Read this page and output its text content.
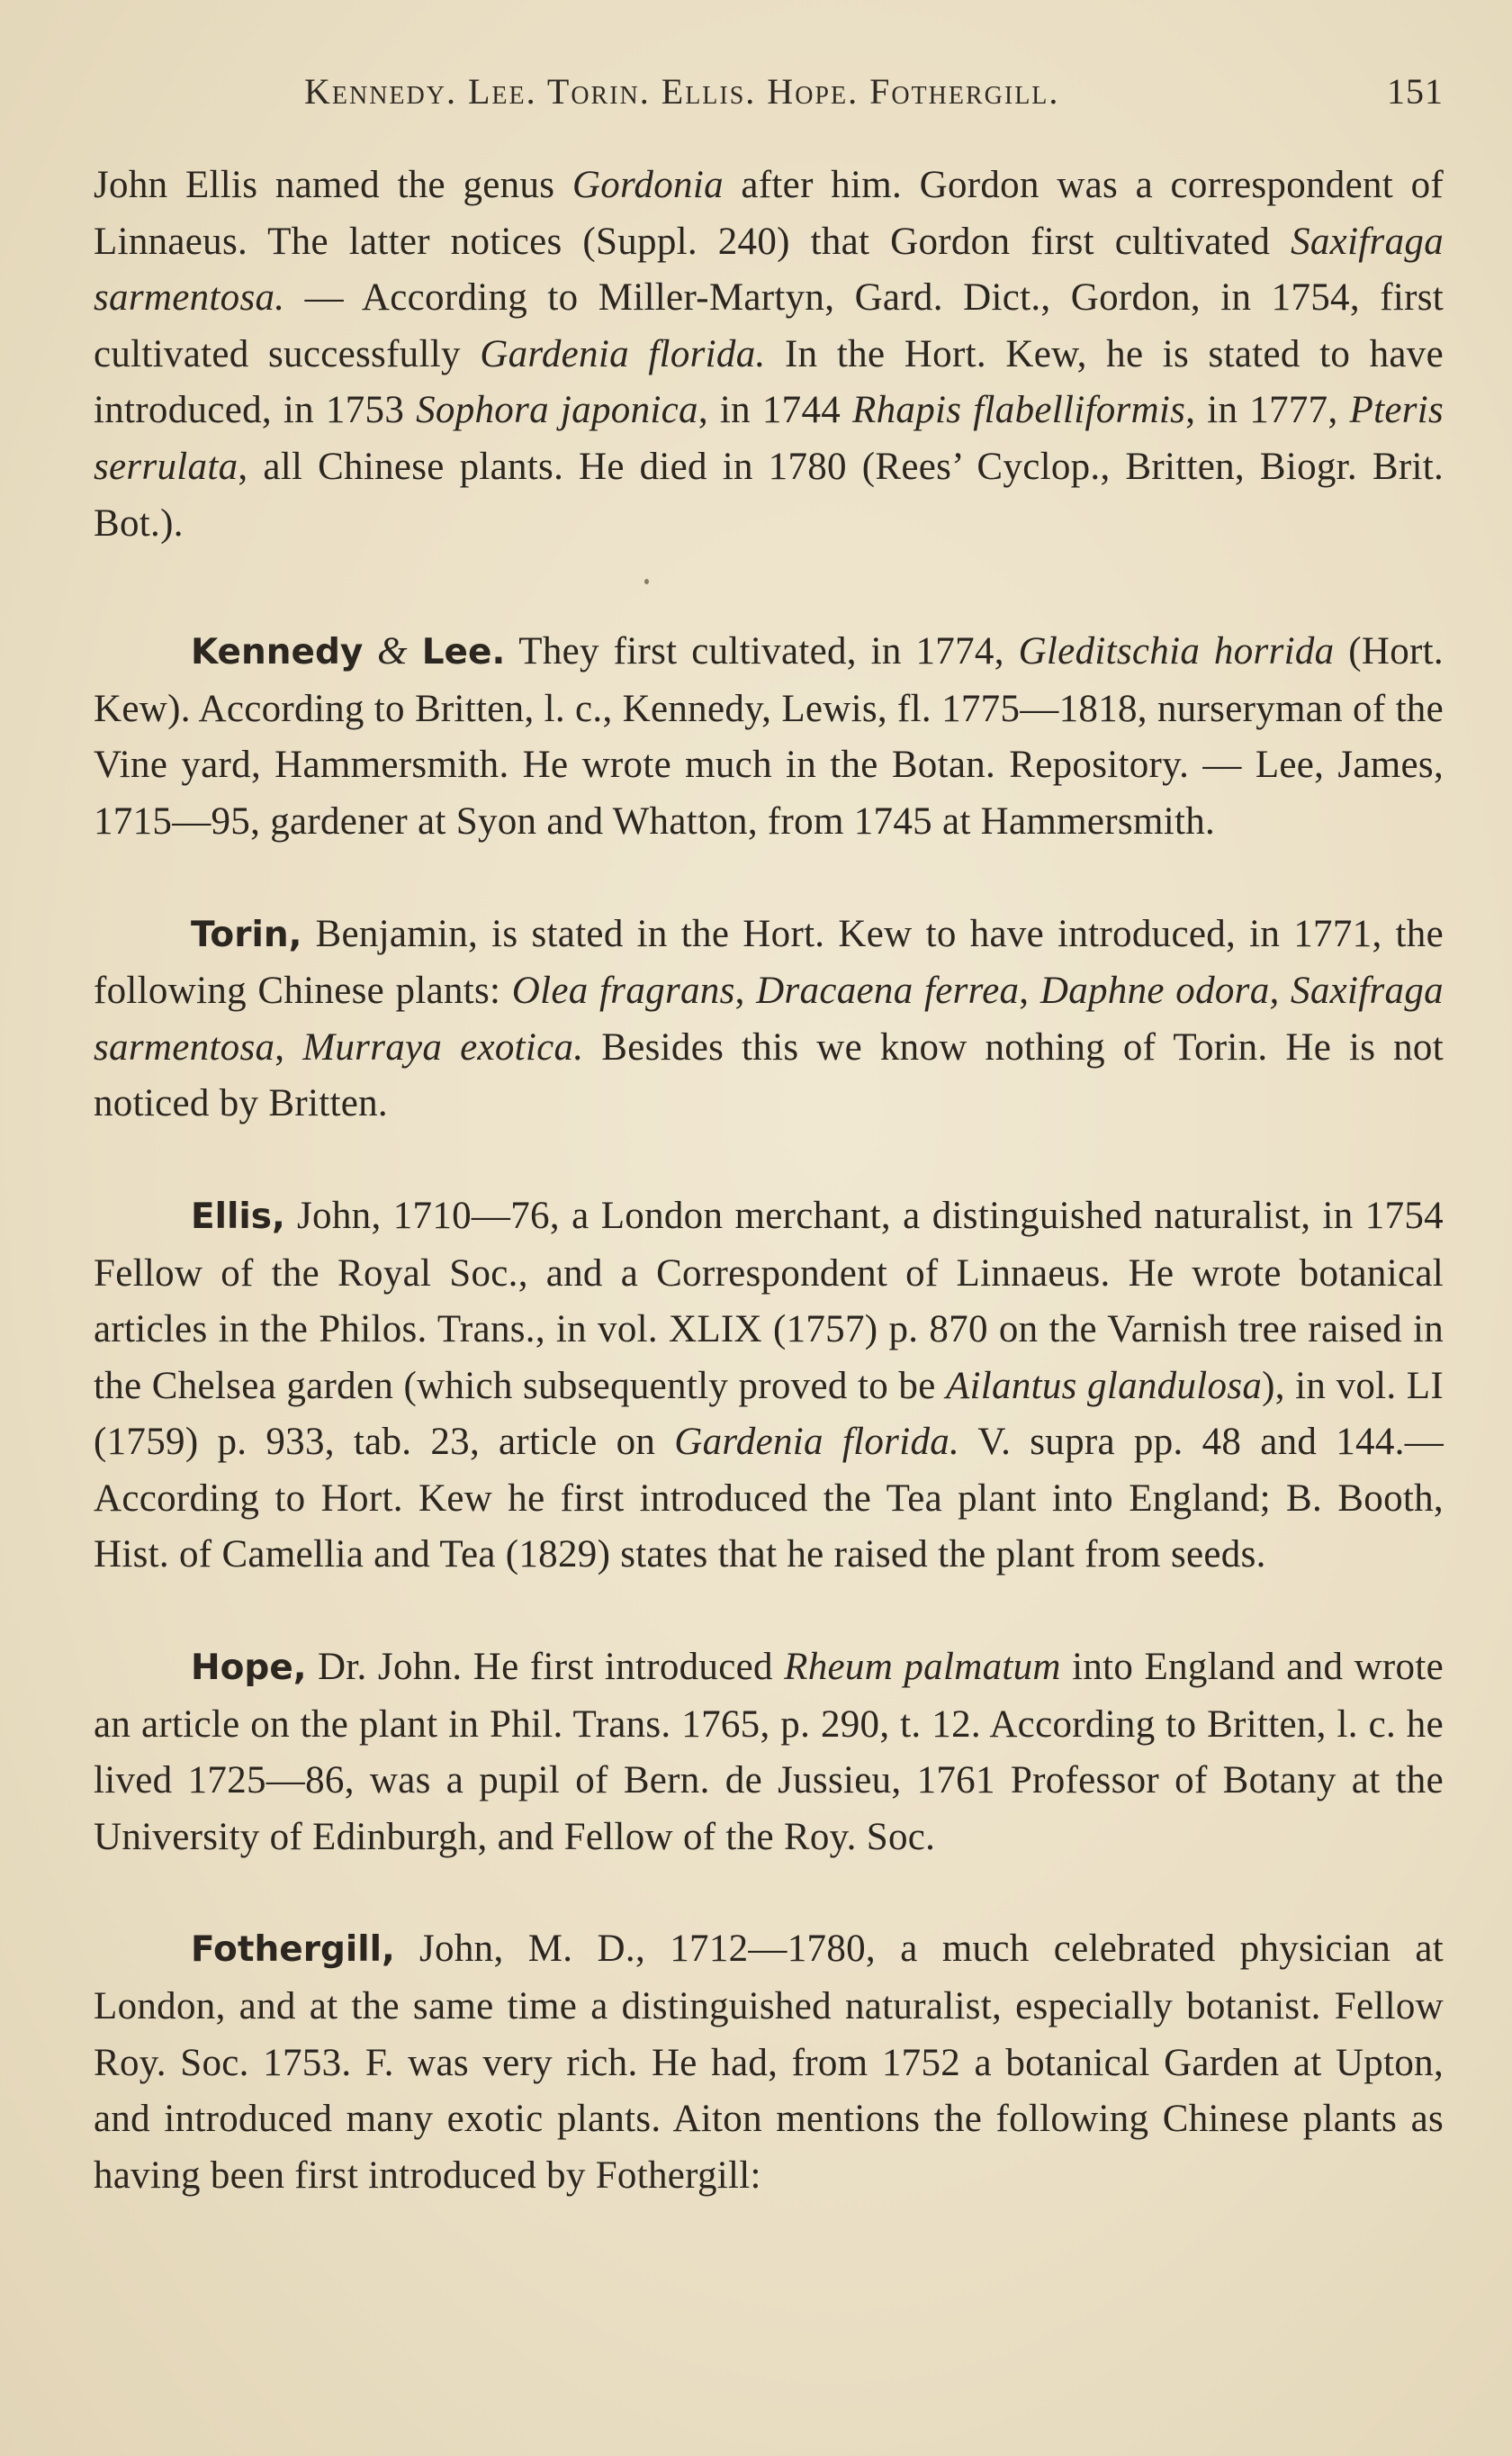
Kennedy. Lee. Torin. Ellis. Hope. Fothergill.	151

John Ellis named the genus Gordonia after him. Gordon was a correspondent of Linnaeus. The latter notices (Suppl. 240) that Gordon first cultivated Saxifraga sarmentosa. — According to Miller-Martyn, Gard. Dict., Gordon, in 1754, first cultivated successfully Gardenia florida. In the Hort. Kew, he is stated to have introduced, in 1753 Sophora japonica, in 1744 Rhapis flabelliformis, in 1777, Pteris serrulata, all Chinese plants. He died in 1780 (Rees’ Cyclop., Britten, Biogr. Brit. Bot.).

Kennedy & Lee. They first cultivated, in 1774, Gleditschia horrida (Hort. Kew). According to Britten, l. c., Kennedy, Lewis, fl. 1775—1818, nurseryman of the Vine yard, Hammersmith. He wrote much in the Botan. Repository. — Lee, James, 1715—95, gardener at Syon and Whatton, from 1745 at Hammersmith.

Torin, Benjamin, is stated in the Hort. Kew to have introduced, in 1771, the following Chinese plants: Olea fragrans, Dracaena ferrea, Daphne odora, Saxifraga sarmentosa, Murraya exotica. Besides this we know nothing of Torin. He is not noticed by Britten.

Ellis, John, 1710—76, a London merchant, a distinguished naturalist, in 1754 Fellow of the Royal Soc., and a Correspondent of Linnaeus. He wrote botanical articles in the Philos. Trans., in vol. XLIX (1757) p. 870 on the Varnish tree raised in the Chelsea garden (which subsequently proved to be Ailantus glandulosa), in vol. LI (1759) p. 933, tab. 23, article on Gardenia florida. V. supra pp. 48 and 144.— According to Hort. Kew he first introduced the Tea plant into England; B. Booth, Hist. of Camellia and Tea (1829) states that he raised the plant from seeds.

Hope, Dr. John. He first introduced Rheum palmatum into England and wrote an article on the plant in Phil. Trans. 1765, p. 290, t. 12. According to Britten, l. c. he lived 1725—86, was a pupil of Bern. de Jussieu, 1761 Professor of Botany at the University of Edinburgh, and Fellow of the Roy. Soc.

Fothergill, John, M. D., 1712—1780, a much celebrated physician at London, and at the same time a distinguished naturalist, especially botanist. Fellow Roy. Soc. 1753. F. was very rich. He had, from 1752 a botanical Garden at Upton, and introduced many exotic plants. Aiton mentions the following Chinese plants as having been first introduced by Fothergill:
